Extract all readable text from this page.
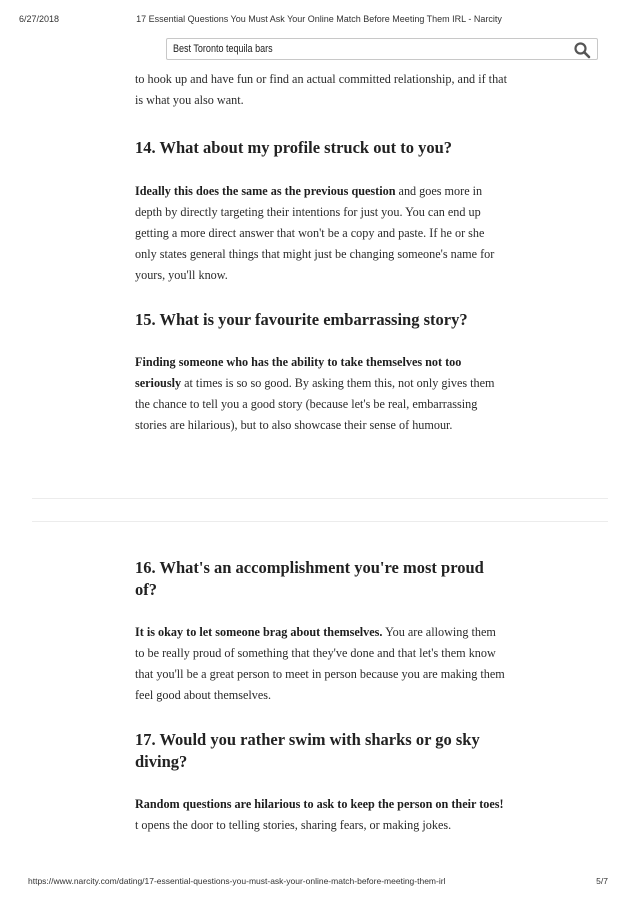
6/27/2018	17 Essential Questions You Must Ask Your Online Match Before Meeting Them IRL - Narcity
Best Toronto tequila bars

to hook up and have fun or find an actual committed relationship, and if that is what you also want.

14. What about my profile struck out to you?

Ideally this does the same as the previous question and goes more in depth by directly targeting their intentions for just you. You can end up getting a more direct answer that won't be a copy and paste. If he or she only states general things that might just be changing someone's name for yours, you'll know.

15. What is your favourite embarrassing story?

Finding someone who has the ability to take themselves not too seriously at times is so so good. By asking them this, not only gives them the chance to tell you a good story (because let's be real, embarrassing stories are hilarious), but to also showcase their sense of humour.

16. What's an accomplishment you're most proud of?

It is okay to let someone brag about themselves. You are allowing them to be really proud of something that they've done and that let's them know that you'll be a great person to meet in person because you are making them feel good about themselves.

17. Would you rather swim with sharks or go sky diving?

Random questions are hilarious to ask to keep the person on their toes! t opens the door to telling stories, sharing fears, or making jokes.

https://www.narcity.com/dating/17-essential-questions-you-must-ask-your-online-match-before-meeting-them-irl	5/7
